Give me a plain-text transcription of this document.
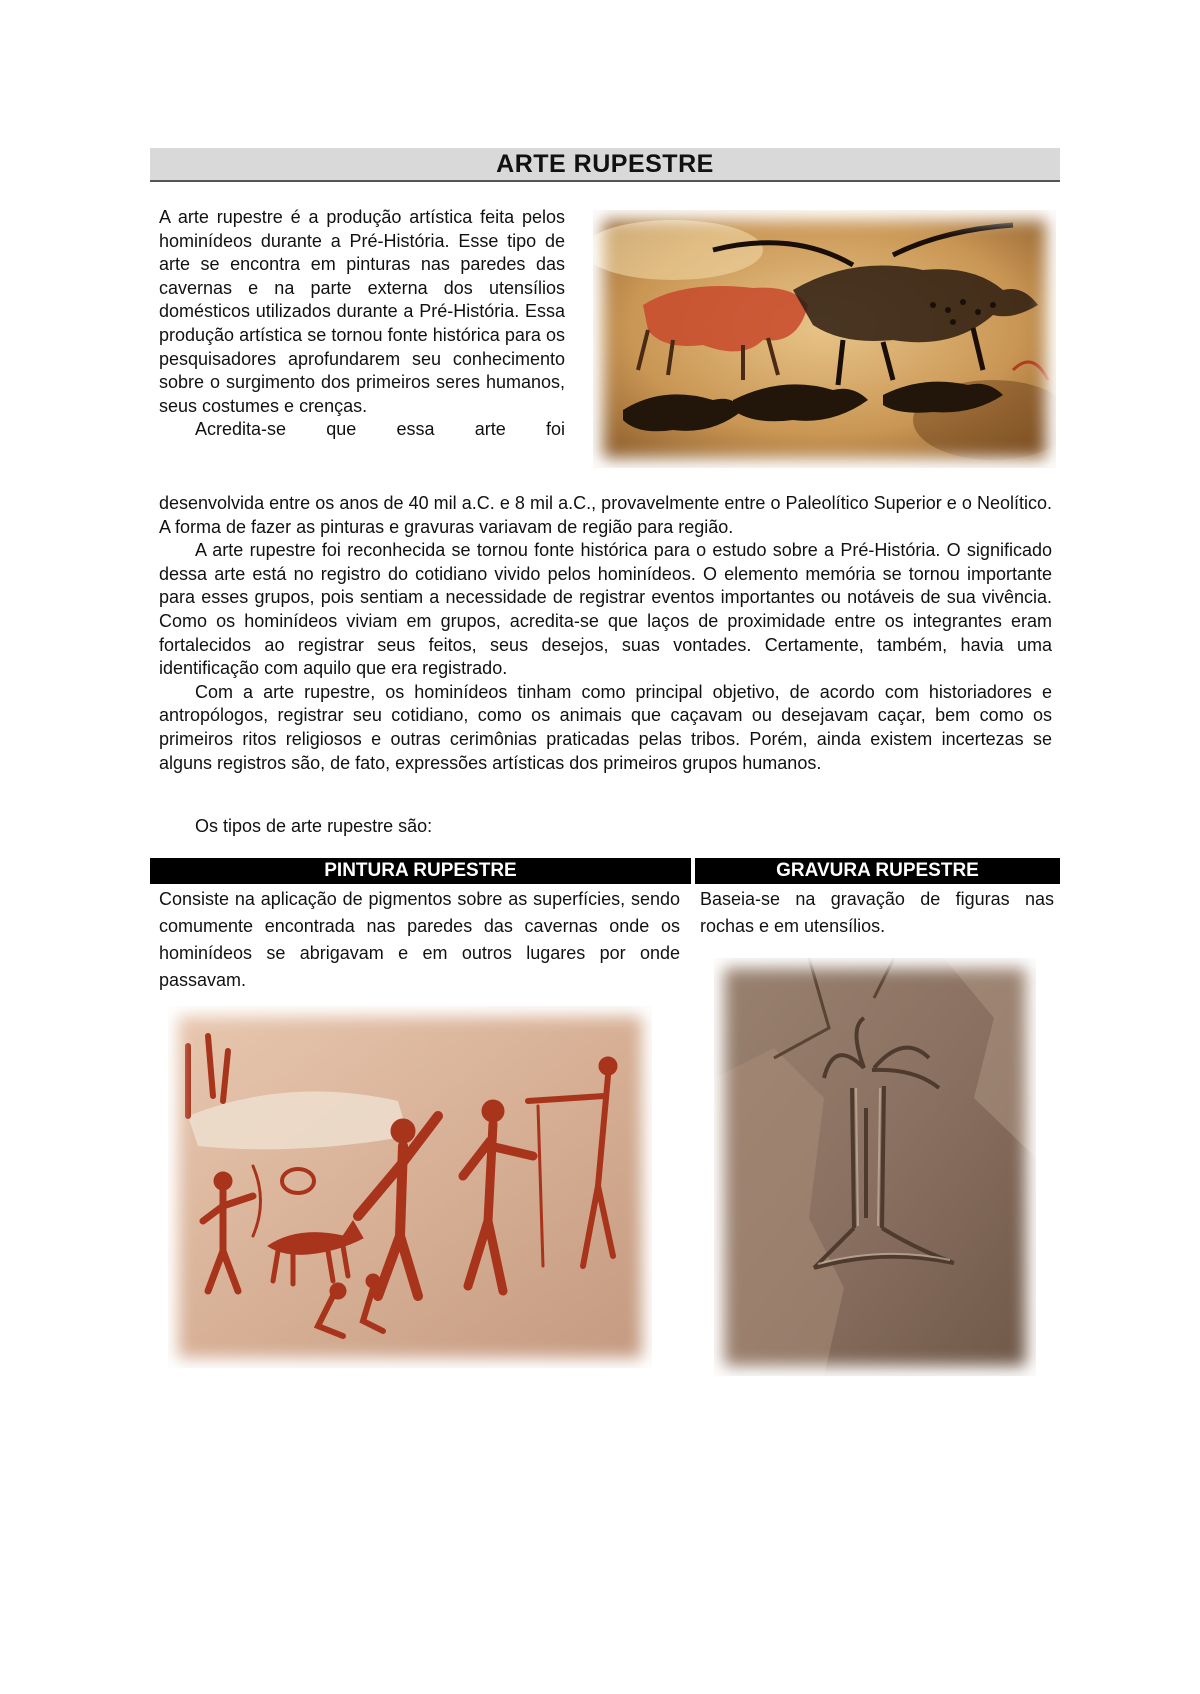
ARTE RUPESTRE
A arte rupestre é a produção artística feita pelos hominídeos durante a Pré-História. Esse tipo de arte se encontra em pinturas nas paredes das cavernas e na parte externa dos utensílios domésticos utilizados durante a Pré-História. Essa produção artística se tornou fonte histórica para os pesquisadores aprofundarem seu conhecimento sobre o surgimento dos primeiros seres humanos, seus costumes e crenças.
Acredita-se que essa arte foi
desenvolvida entre os anos de 40 mil a.C. e 8 mil a.C., provavelmente entre o Paleolítico Superior e o Neolítico. A forma de fazer as pinturas e gravuras variavam de região para região.
A arte rupestre foi reconhecida se tornou fonte histórica para o estudo sobre a Pré-História. O significado dessa arte está no registro do cotidiano vivido pelos hominídeos. O elemento memória se tornou importante para esses grupos, pois sentiam a necessidade de registrar eventos importantes ou notáveis de sua vivência. Como os hominídeos viviam em grupos, acredita-se que laços de proximidade entre os integrantes eram fortalecidos ao registrar seus feitos, seus desejos, suas vontades. Certamente, também, havia uma identificação com aquilo que era registrado.
Com a arte rupestre, os hominídeos tinham como principal objetivo, de acordo com historiadores e antropólogos, registrar seu cotidiano, como os animais que caçavam ou desejavam caçar, bem como os primeiros ritos religiosos e outras cerimônias praticadas pelas tribos. Porém, ainda existem incertezas se alguns registros são, de fato, expressões artísticas dos primeiros grupos humanos.
Os tipos de arte rupestre são:
PINTURA RUPESTRE	GRAVURA RUPESTRE
Consiste na aplicação de pigmentos sobre as superfícies, sendo comumente encontrada nas paredes das cavernas onde os hominídeos se abrigavam e em outros lugares por onde passavam.
Baseia-se na gravação de figuras nas rochas e em utensílios.
